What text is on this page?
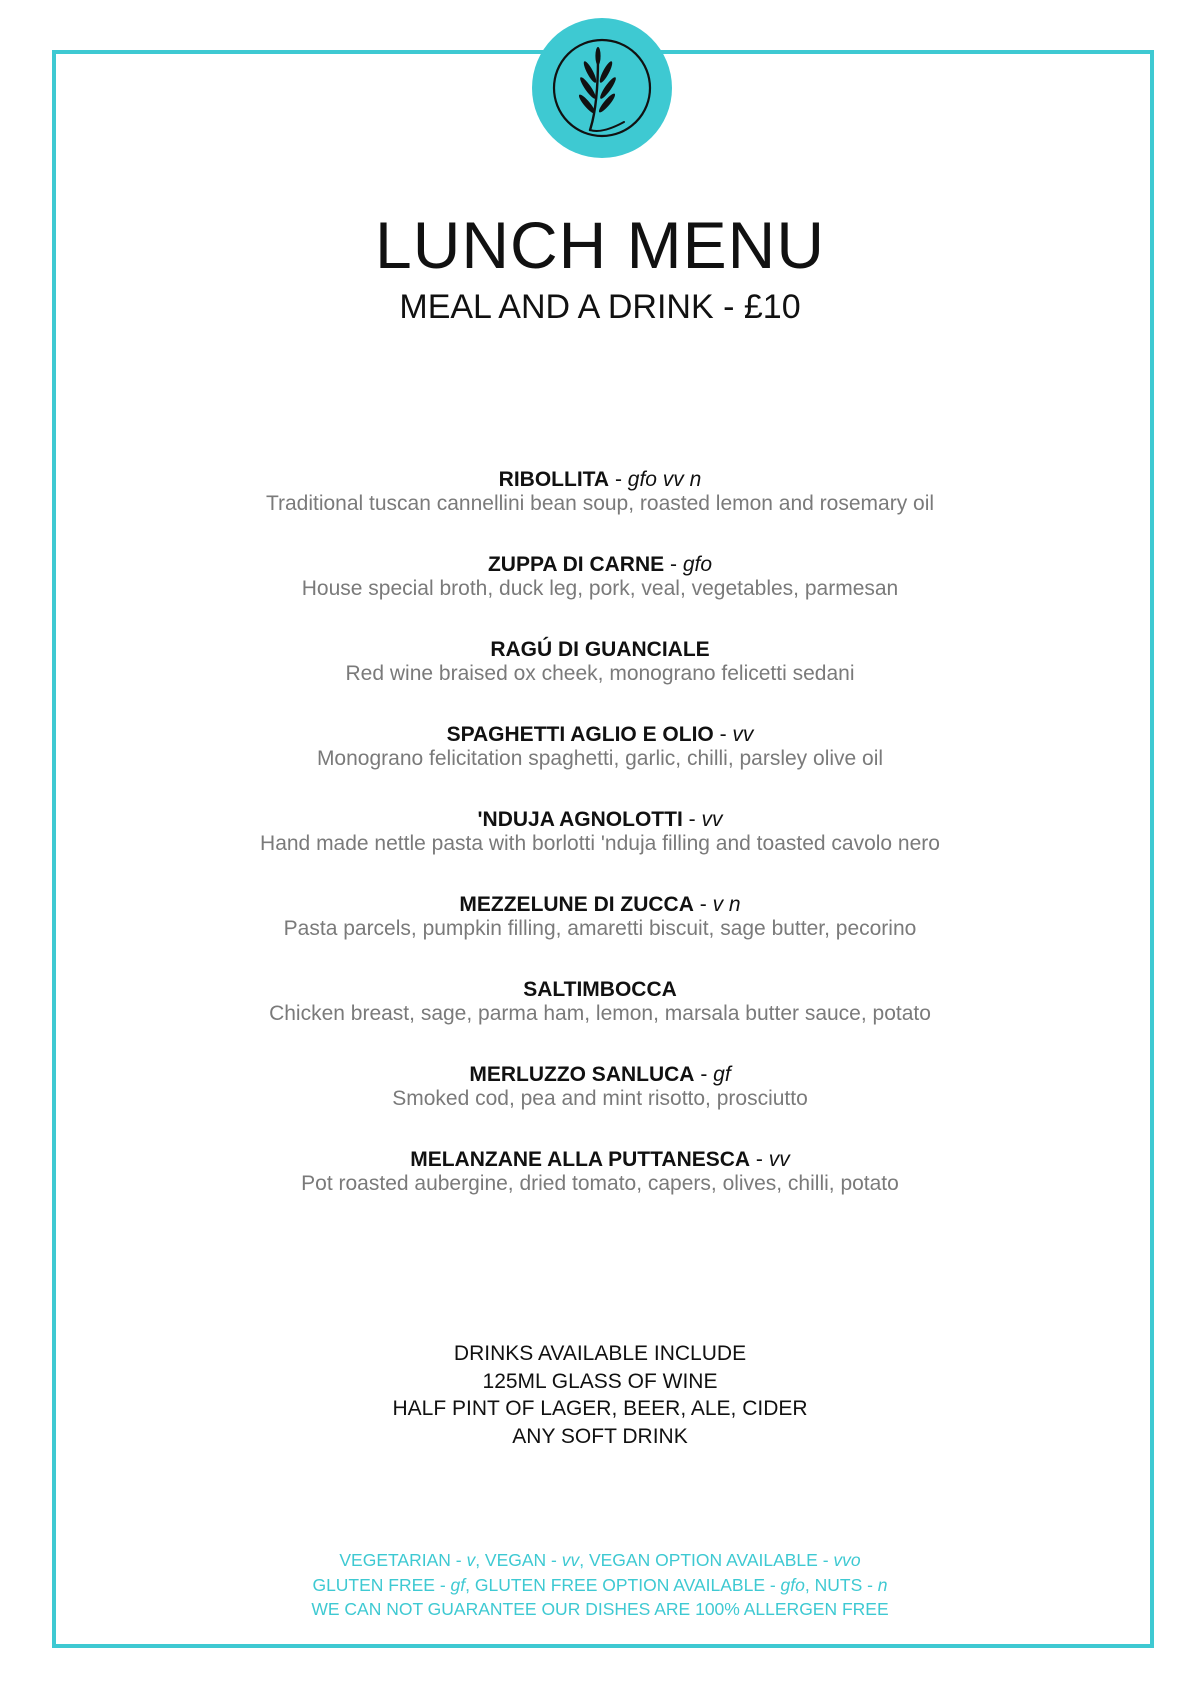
LUNCH MENU
MEAL AND A DRINK - £10
RIBOLLITA - gfo vv n
Traditional tuscan cannellini bean soup, roasted lemon and rosemary oil
ZUPPA DI CARNE - gfo
House special broth, duck leg, pork, veal, vegetables, parmesan
RAGÚ DI GUANCIALE
Red wine braised ox cheek, monograno felicetti sedani
SPAGHETTI AGLIO E OLIO - vv
Monograno felicitation spaghetti, garlic, chilli, parsley olive oil
'NDUJA AGNOLOTTI - vv
Hand made nettle pasta with borlotti 'nduja filling and toasted cavolo nero
MEZZELUNE DI ZUCCA - v n
Pasta parcels, pumpkin filling, amaretti biscuit, sage butter, pecorino
SALTIMBOCCA
Chicken breast, sage, parma ham, lemon, marsala butter sauce, potato
MERLUZZO SANLUCA - gf
Smoked cod, pea and mint risotto, prosciutto
MELANZANE ALLA PUTTANESCA - vv
Pot roasted aubergine, dried tomato, capers, olives, chilli, potato
DRINKS AVAILABLE INCLUDE
125ML GLASS OF WINE
HALF PINT OF LAGER, BEER, ALE, CIDER
ANY SOFT DRINK
VEGETARIAN - v, VEGAN - vv, VEGAN OPTION AVAILABLE - vvo
GLUTEN FREE - gf, GLUTEN FREE OPTION AVAILABLE - gfo, NUTS - n
WE CAN NOT GUARANTEE OUR DISHES ARE 100% ALLERGEN FREE
